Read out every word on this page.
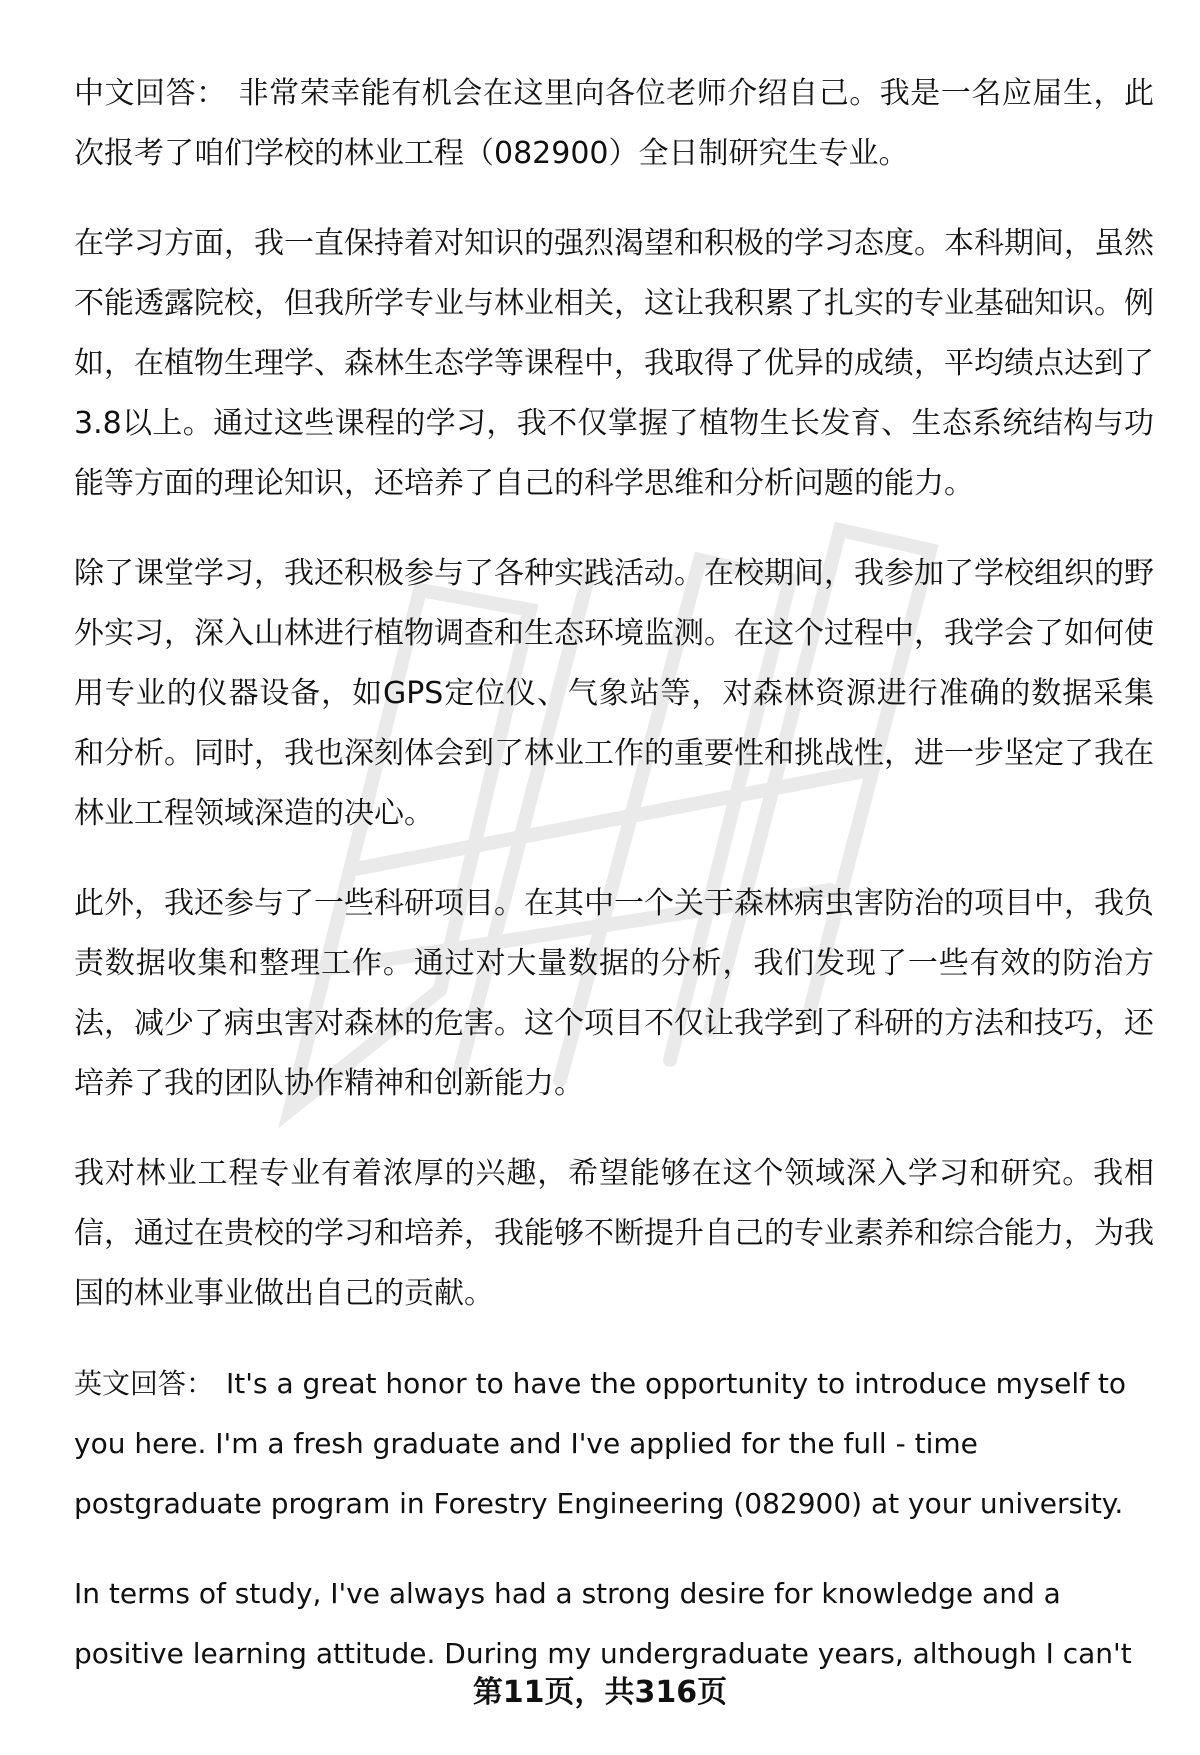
中文回答： 非常荣幸能有机会在这里向各位老师介绍自己。我是一名应届生，此次报考了咱们学校的林业工程（082900）全日制研究生专业。

在学习方面，我一直保持着对知识的强烈渴望和积极的学习态度。本科期间，虽然不能透露院校，但我所学专业与林业相关，这让我积累了扎实的专业基础知识。例如，在植物生理学、森林生态学等课程中，我取得了优异的成绩，平均绩点达到了3.8以上。通过这些课程的学习，我不仅掌握了植物生长发育、生态系统结构与功能等方面的理论知识，还培养了自己的科学思维和分析问题的能力。

除了课堂学习，我还积极参与了各种实践活动。在校期间，我参加了学校组织的野外实习，深入山林进行植物调查和生态环境监测。在这个过程中，我学会了如何使用专业的仪器设备，如GPS定位仪、气象站等，对森林资源进行准确的数据采集和分析。同时，我也深刻体会到了林业工作的重要性和挑战性，进一步坚定了我在林业工程领域深造的决心。

此外，我还参与了一些科研项目。在其中一个关于森林病虫害防治的项目中，我负责数据收集和整理工作。通过对大量数据的分析，我们发现了一些有效的防治方法，减少了病虫害对森林的危害。这个项目不仅让我学到了科研的方法和技巧，还培养了我的团队协作精神和创新能力。

我对林业工程专业有着浓厚的兴趣，希望能够在这个领域深入学习和研究。我相信，通过在贵校的学习和培养，我能够不断提升自己的专业素养和综合能力，为我国的林业事业做出自己的贡献。

英文回答： It's a great honor to have the opportunity to introduce myself to you here. I'm a fresh graduate and I've applied for the full - time postgraduate program in Forestry Engineering (082900) at your university.

In terms of study, I've always had a strong desire for knowledge and a positive learning attitude. During my undergraduate years, although I can't

第11页，共316页
